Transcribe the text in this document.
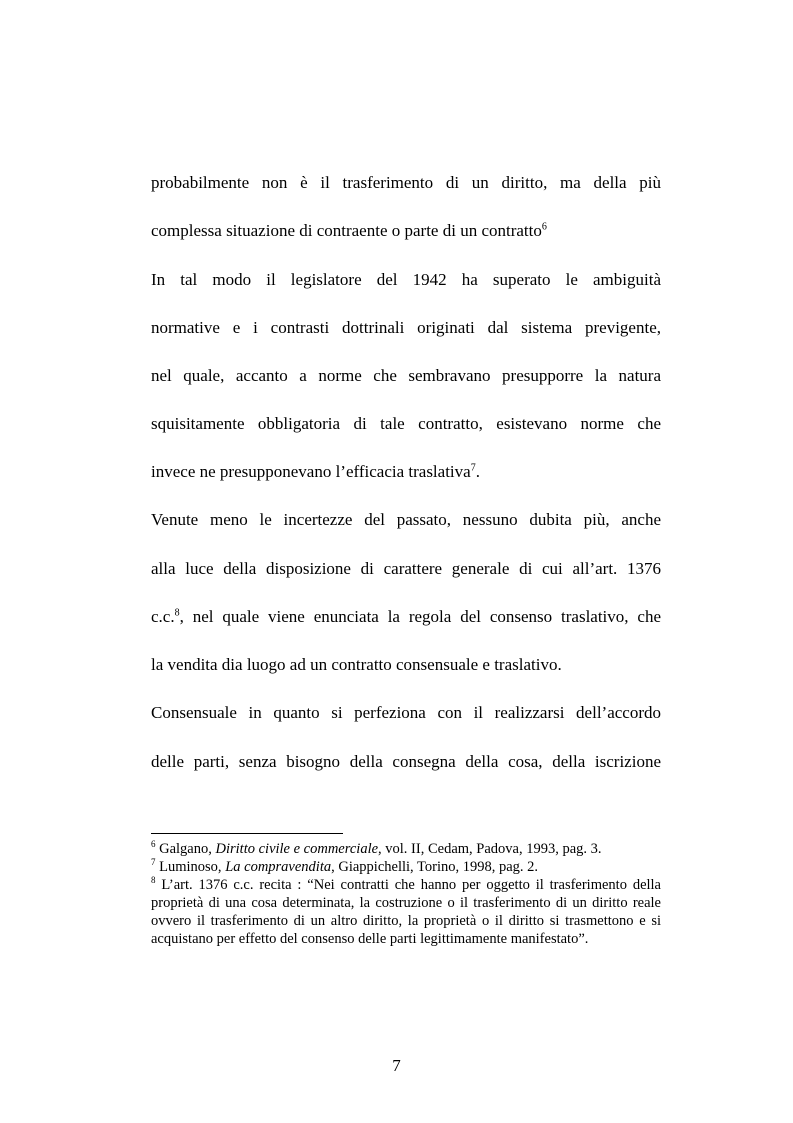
probabilmente non è il trasferimento di un diritto, ma della più
complessa situazione di contraente o parte di un contratto$^6$
In tal modo il legislatore del 1942 ha superato le ambiguità
normative e i contrasti dottrinali originati dal sistema previgente,
nel quale, accanto a norme che sembravano presupporre la natura
squisitamente obbligatoria di tale contratto, esistevano norme che
invece ne presupponevano l’efficacia traslativa$^7$.
Venute meno le incertezze del passato, nessuno dubita più, anche
alla luce della disposizione di carattere generale di cui all’art. 1376
c.c.$^8$, nel quale viene enunciata la regola del consenso traslativo, che
la vendita dia luogo ad un contratto consensuale e traslativo.
Consensuale in quanto si perfeziona con il realizzarsi dell’accordo
delle parti, senza bisogno della consegna della cosa, della iscrizione

$^6$ Galgano, Diritto civile e commerciale, vol. II, Cedam, Padova, 1993, pag. 3.

$^7$ Luminoso, La compravendita, Giappichelli, Torino, 1998, pag. 2.

$^8$ L’art. 1376 c.c. recita : “Nei contratti che hanno per oggetto il trasferimento della proprietà di una cosa determinata, la costruzione o il trasferimento di un diritto reale ovvero il trasferimento di un altro diritto, la proprietà o il diritto si trasmettono e si acquistano per effetto del consenso delle parti legittimamente manifestato”.

7
